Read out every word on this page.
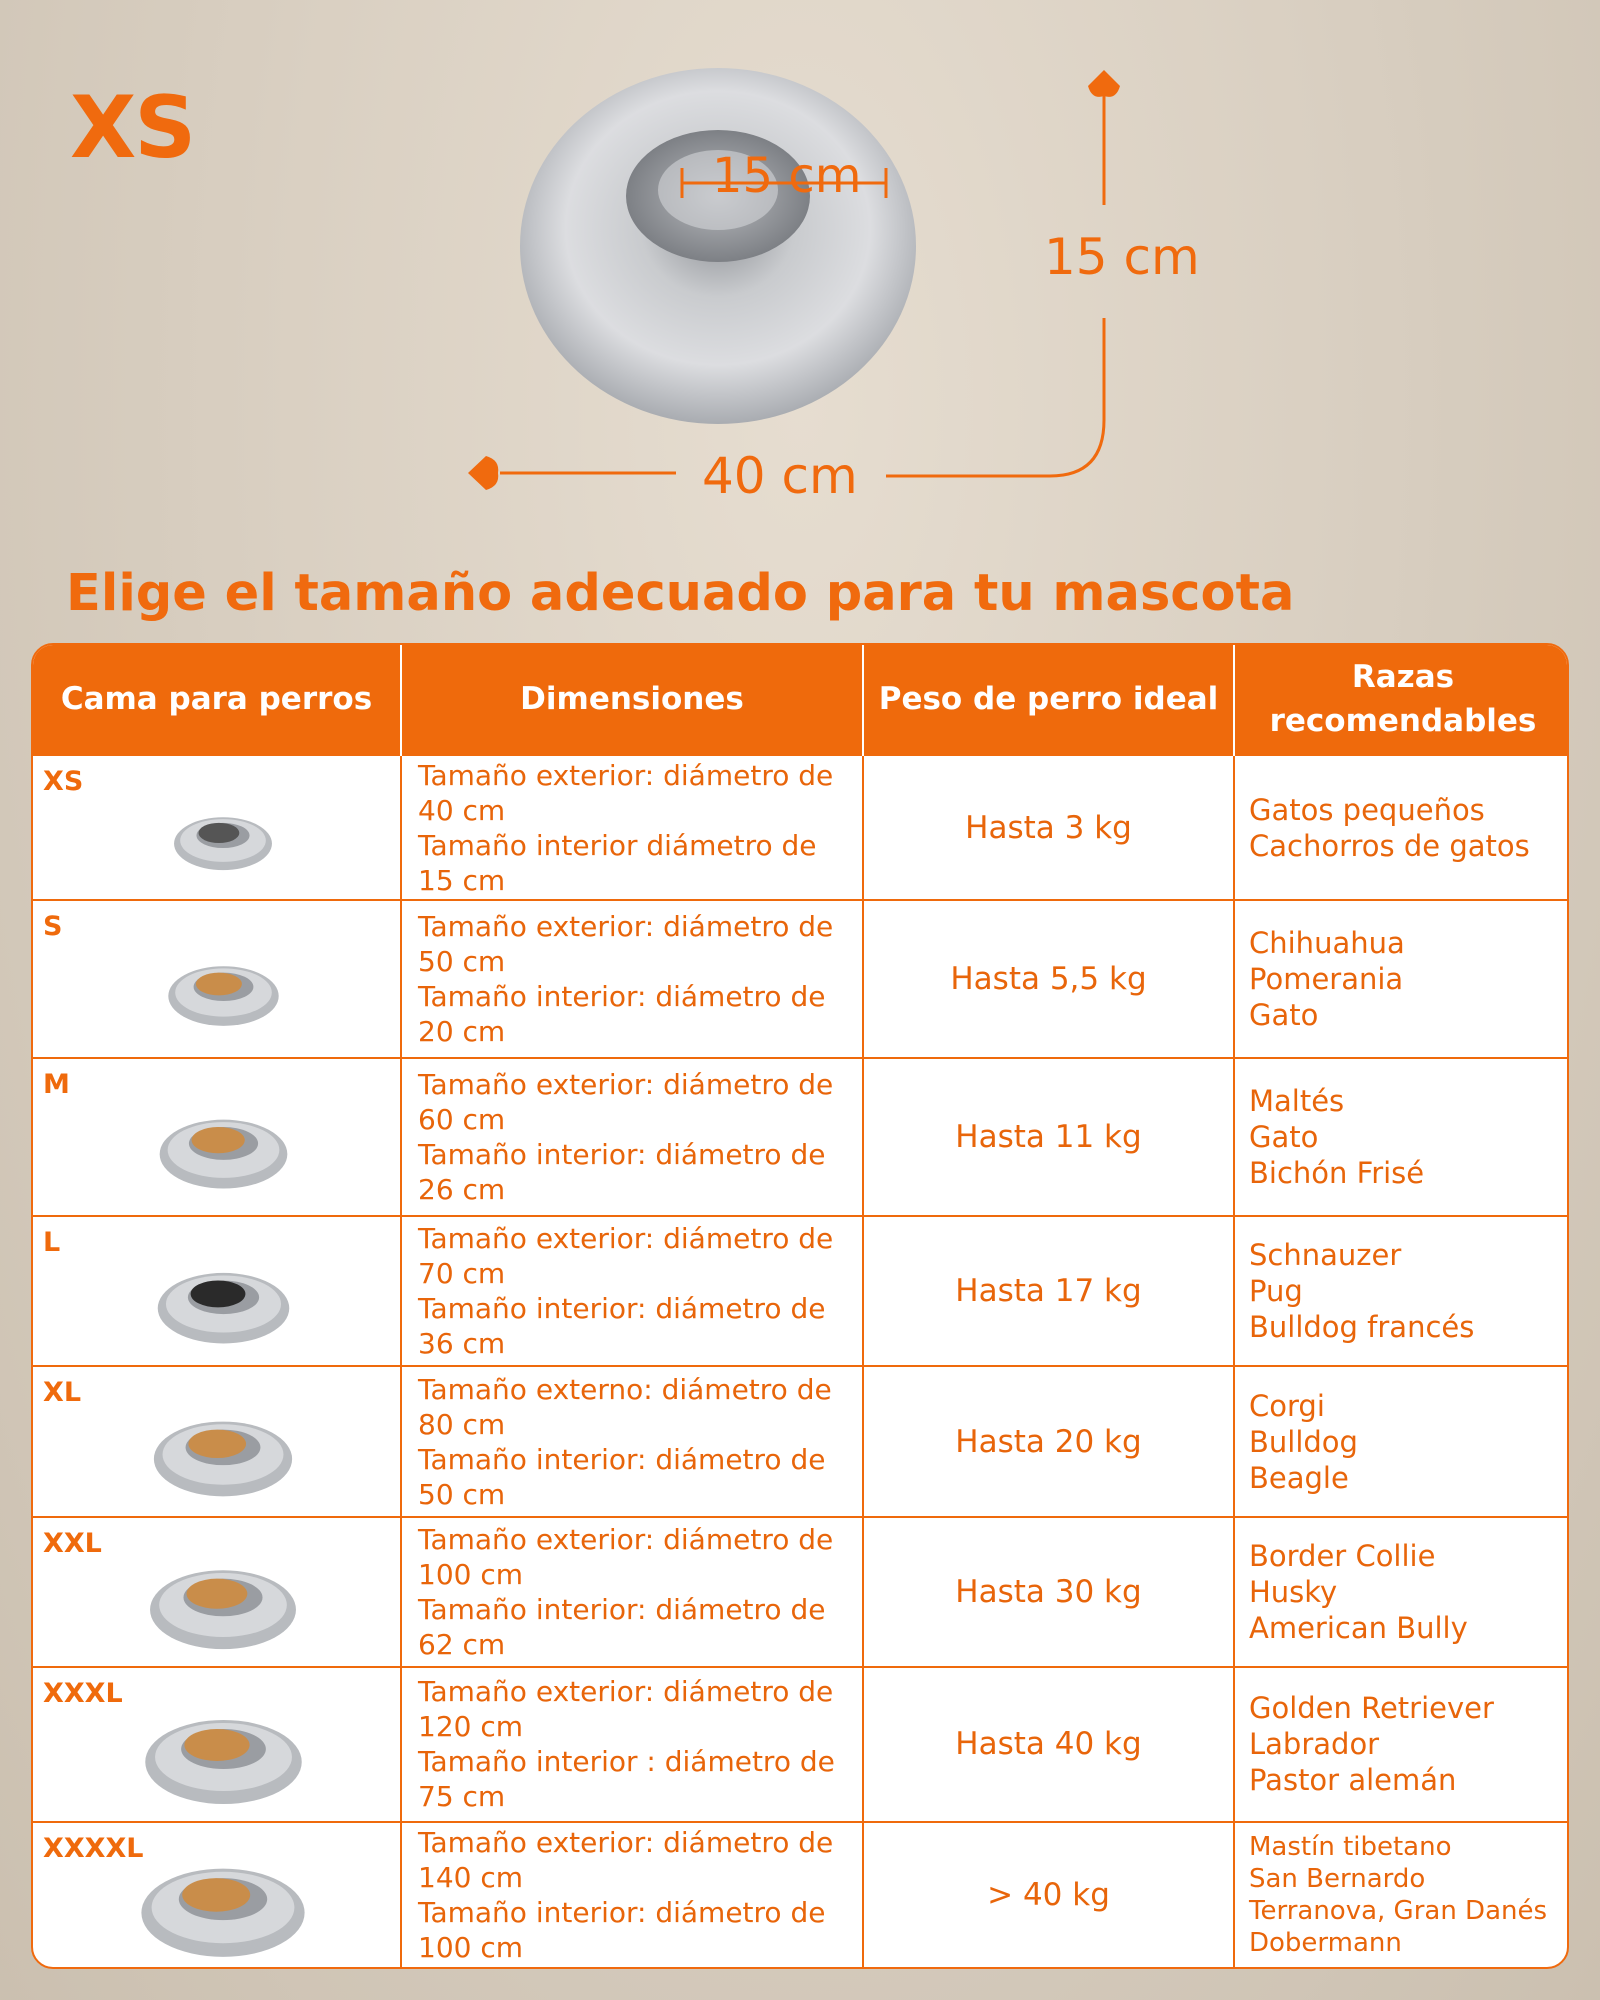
XS	15 cm
15 cm
40 cm
Elige el tamaño adecuado para tu mascota
Cama para perros	Dimensiones	Peso de perro ideal	Razas recomendables

XS	Tamaño exterior: diámetro de
40 cm
Tamaño interior diámetro de
15 cm	Hasta 3 kg	Gatos pequeños
Cachorros de gatos

S	Tamaño exterior: diámetro de
50 cm
Tamaño interior: diámetro de
20 cm	Hasta 5,5 kg	Chihuahua
Pomerania
Gato

M	Tamaño exterior: diámetro de
60 cm
Tamaño interior: diámetro de
26 cm	Hasta 11 kg	Maltés
Gato
Bichón Frisé

L	Tamaño exterior: diámetro de
70 cm
Tamaño interior: diámetro de
36 cm	Hasta 17 kg	Schnauzer
Pug
Bulldog francés

XL	Tamaño externo: diámetro de
80 cm
Tamaño interior: diámetro de
50 cm	Hasta 20 kg	Corgi
Bulldog
Beagle

XXL	Tamaño exterior: diámetro de
100 cm
Tamaño interior: diámetro de
62 cm	Hasta 30 kg	Border Collie
Husky
American Bully

XXXL	Tamaño exterior: diámetro de
120 cm
Tamaño interior : diámetro de
75 cm	Hasta 40 kg	Golden Retriever
Labrador
Pastor alemán

XXXXL	Tamaño exterior: diámetro de
140 cm
Tamaño interior: diámetro de
100 cm	> 40 kg	Mastín tibetano
San Bernardo
Terranova, Gran Danés
Dobermann
